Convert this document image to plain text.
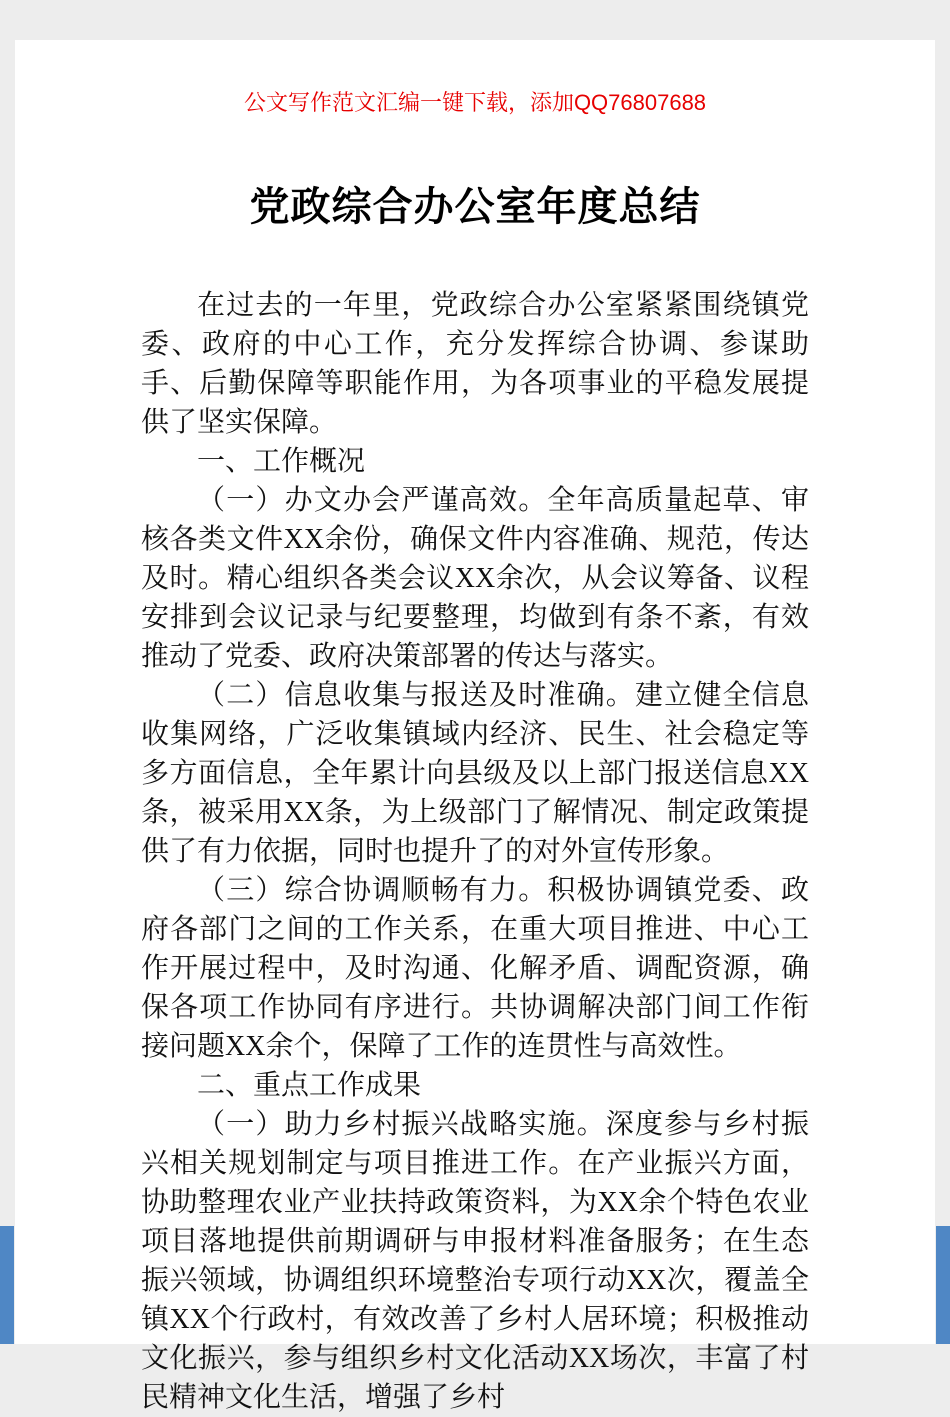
公文写作范文汇编一键下载，添加QQ76807688
党政综合办公室年度总结

在过去的一年里，党政综合办公室紧紧围绕镇党委、政府的中心工作，充分发挥综合协调、参谋助手、后勤保障等职能作用，为各项事业的平稳发展提供了坚实保障。

一、工作概况

（一）办文办会严谨高效。全年高质量起草、审核各类文件XX余份，确保文件内容准确、规范，传达及时。精心组织各类会议XX余次，从会议筹备、议程安排到会议记录与纪要整理，均做到有条不紊，有效推动了党委、政府决策部署的传达与落实。

（二）信息收集与报送及时准确。建立健全信息收集网络，广泛收集镇域内经济、民生、社会稳定等多方面信息，全年累计向县级及以上部门报送信息XX条，被采用XX条，为上级部门了解情况、制定政策提供了有力依据，同时也提升了的对外宣传形象。

（三）综合协调顺畅有力。积极协调镇党委、政府各部门之间的工作关系，在重大项目推进、中心工作开展过程中，及时沟通、化解矛盾、调配资源，确保各项工作协同有序进行。共协调解决部门间工作衔接问题XX余个，保障了工作的连贯性与高效性。

二、重点工作成果

（一）助力乡村振兴战略实施。深度参与乡村振兴相关规划制定与项目推进工作。在产业振兴方面，协助整理农业产业扶持政策资料，为XX余个特色农业项目落地提供前期调研与申报材料准备服务；在生态振兴领域，协调组织环境整治专项行动XX次，覆盖全镇XX个行政村，有效改善了乡村人居环境；积极推动文化振兴，参与组织乡村文化活动XX场次，丰富了村民精神文化生活，增强了乡村
